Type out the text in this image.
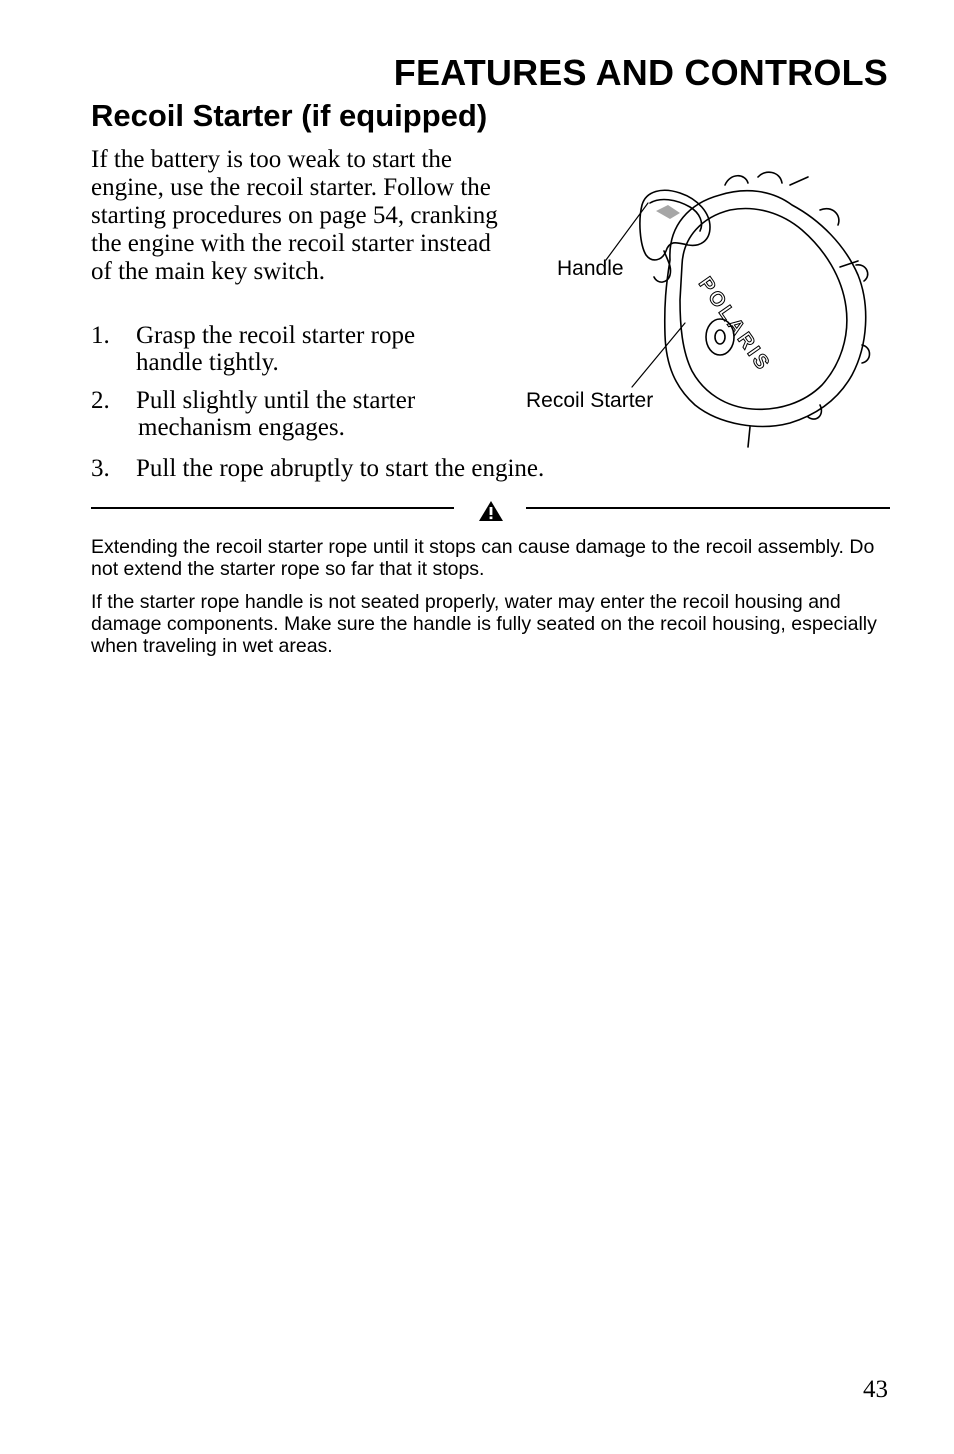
FEATURES AND CONTROLS
Recoil Starter (if equipped)

If the battery is too weak to start the engine, use the recoil starter. Follow the starting procedures on page 54, cranking the engine with the recoil starter instead of the main key switch.

1. Grasp the recoil starter rope
handle tightly.
2. Pull slightly until the starter
mechanism engages.
3. Pull the rope abruptly to start the engine.
POLARIS
Handle
Recoil Starter

Extending the recoil starter rope until it stops can cause damage to the recoil assembly. Do not extend the starter rope so far that it stops.

If the starter rope handle is not seated properly, water may enter the recoil housing and damage components. Make sure the handle is fully seated on the recoil housing, especially when traveling in wet areas.

43
